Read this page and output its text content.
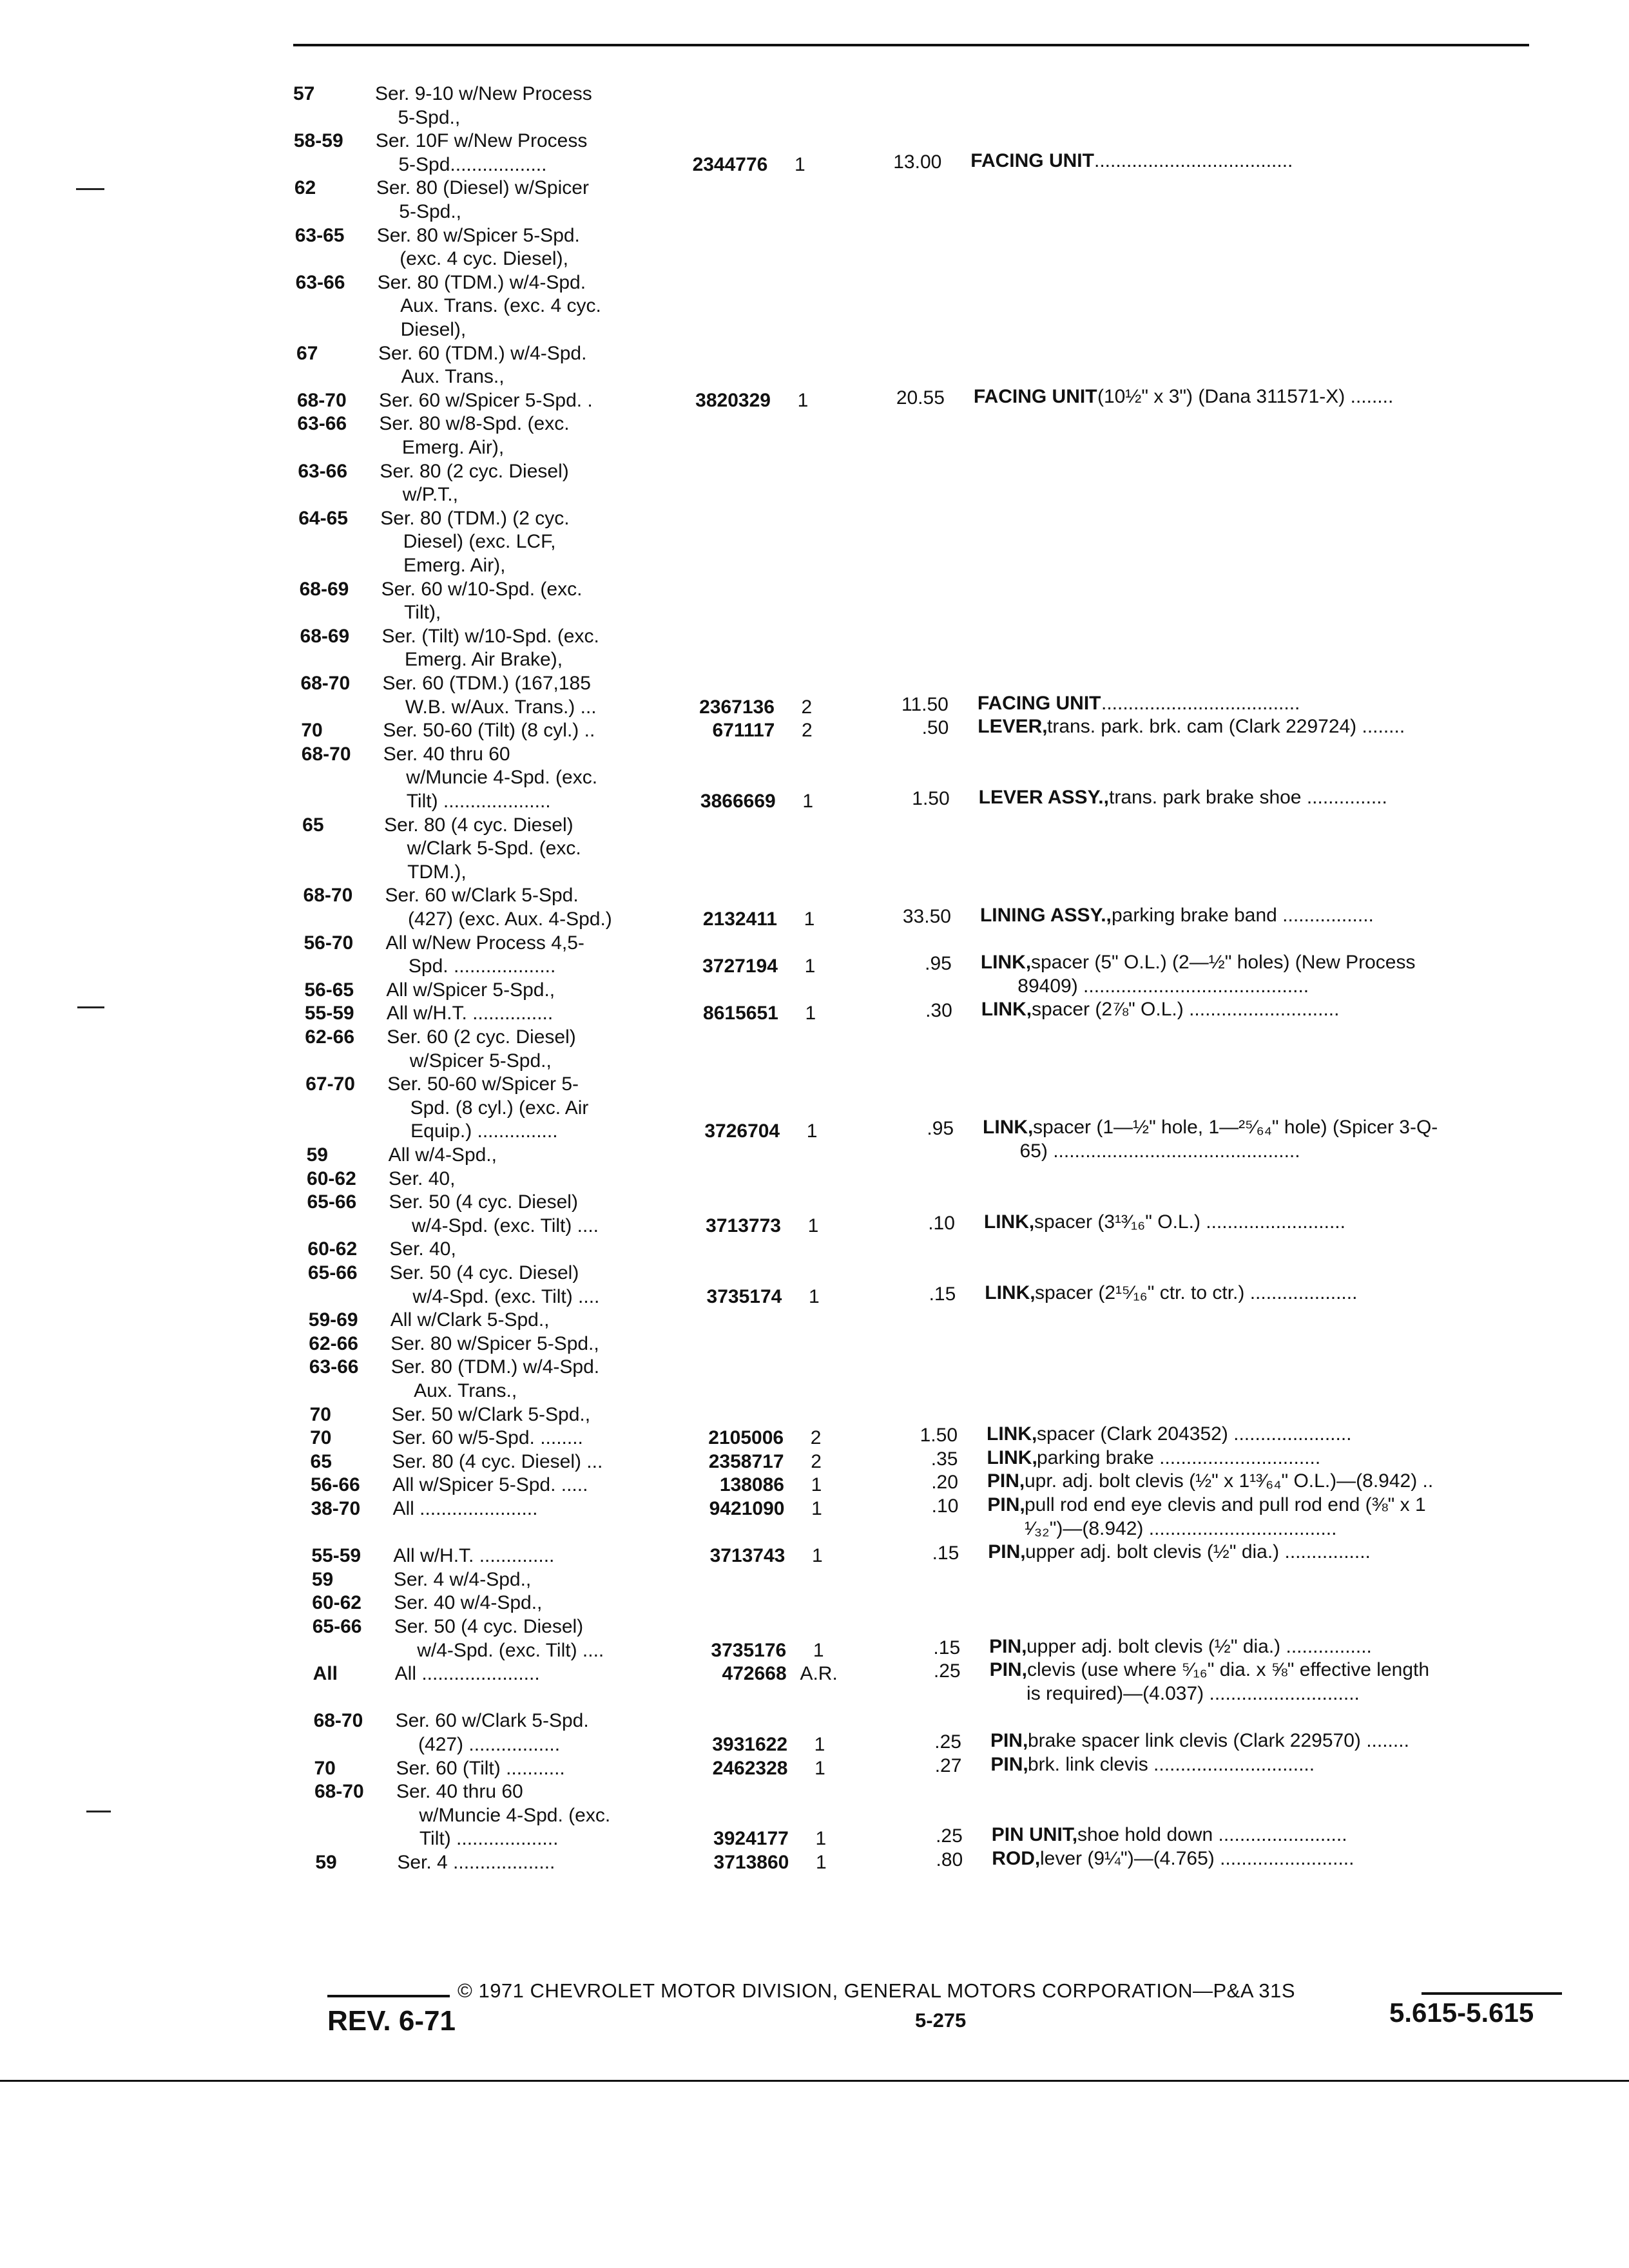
57	Ser. 9-10 w/New Process
5-Spd.,
58-59 Ser. 10F w/New Process
5-Spd..................	2344776	1	13.00 FACING UNIT .....................................
62	Ser. 80 (Diesel) w/Spicer
5-Spd.,
63-65 Ser. 80 w/Spicer 5-Spd.
(exc. 4 cyc. Diesel),
63-66 Ser. 80 (TDM.) w/4-Spd.
Aux. Trans. (exc. 4 cyc.
Diesel),
67	Ser. 60 (TDM.) w/4-Spd.
Aux. Trans.,
68-70 Ser. 60 w/Spicer 5-Spd. .	3820329	1	20.55 FACING UNIT (10½" x 3") (Dana 311571-X) ........
63-66 Ser. 80 w/8-Spd. (exc.
Emerg. Air),
63-66 Ser. 80 (2 cyc. Diesel)
w/P.T.,
64-65 Ser. 80 (TDM.) (2 cyc.
Diesel) (exc. LCF,
Emerg. Air),
68-69 Ser. 60 w/10-Spd. (exc.
Tilt),
68-69 Ser. (Tilt) w/10-Spd. (exc.
Emerg. Air Brake),
68-70 Ser. 60 (TDM.) (167,185
W.B. w/Aux. Trans.) ...	2367136	2	11.50 FACING UNIT .....................................
70	Ser. 50-60 (Tilt) (8 cyl.) ..	671117	2	.50 LEVER, trans. park. brk. cam (Clark 229724) ........
68-70 Ser. 40 thru 60
w/Muncie 4-Spd. (exc.
Tilt) ....................	3866669	1	1.50 LEVER ASSY., trans. park brake shoe ...............
65	Ser. 80 (4 cyc. Diesel)
w/Clark 5-Spd. (exc.
TDM.),
68-70 Ser. 60 w/Clark 5-Spd.
(427) (exc. Aux. 4-Spd.)	2132411	1	33.50 LINING ASSY., parking brake band .................
56-70 All w/New Process 4,5-
Spd. ...................	3727194	1	.95 LINK, spacer (5" O.L.) (2—½" holes) (New Process
89409) ..........................................
56-65 All w/Spicer 5-Spd.,
55-59 All w/H.T. ...............	8615651	1	.30 LINK, spacer (2⅞" O.L.) ............................
62-66 Ser. 60 (2 cyc. Diesel)
w/Spicer 5-Spd.,
67-70 Ser. 50-60 w/Spicer 5-
Spd. (8 cyl.) (exc. Air
Equip.) ...............	3726704	1	.95 LINK, spacer (1—½" hole, 1—²⁵⁄₆₄" hole) (Spicer 3-Q-
65) ..............................................
59	All w/4-Spd.,
60-62 Ser. 40,
65-66 Ser. 50 (4 cyc. Diesel)
w/4-Spd. (exc. Tilt) ....	3713773	1	.10 LINK, spacer (3¹³⁄₁₆" O.L.) ..........................
60-62 Ser. 40,
65-66 Ser. 50 (4 cyc. Diesel)
w/4-Spd. (exc. Tilt) ....	3735174	1	.15 LINK, spacer (2¹⁵⁄₁₆" ctr. to ctr.) ....................
59-69 All w/Clark 5-Spd.,
62-66 Ser. 80 w/Spicer 5-Spd.,
63-66 Ser. 80 (TDM.) w/4-Spd.
Aux. Trans.,
70	Ser. 50 w/Clark 5-Spd.,
70	Ser. 60 w/5-Spd. ........	2105006	2	1.50 LINK, spacer (Clark 204352) ......................
65	Ser. 80 (4 cyc. Diesel) ...	2358717	2	.35 LINK, parking brake ..............................
56-66 All w/Spicer 5-Spd. .....	138086	1	.20 PIN, upr. adj. bolt clevis (½" x 1¹³⁄₆₄" O.L.)—(8.942) ..
38-70 All ......................	9421090	1	.10 PIN, pull rod end eye clevis and pull rod end (⅜" x 1
¹⁄₃₂")—(8.942) ...................................
55-59 All w/H.T. ..............	3713743	1	.15 PIN, upper adj. bolt clevis (½" dia.) ................
59	Ser. 4 w/4-Spd.,
60-62 Ser. 40 w/4-Spd.,
65-66 Ser. 50 (4 cyc. Diesel)
w/4-Spd. (exc. Tilt) ....	3735176	1	.15 PIN, upper adj. bolt clevis (½" dia.) ................
All	All ......................	472668 A.R.	.25 PIN, clevis (use where ⁵⁄₁₆" dia. x ⅝" effective length
is required)—(4.037) ............................
68-70 Ser. 60 w/Clark 5-Spd.
(427) .................	3931622	1	.25 PIN, brake spacer link clevis (Clark 229570) ........
70	Ser. 60 (Tilt) ...........	2462328	1	.27 PIN, brk. link clevis ..............................
68-70 Ser. 40 thru 60
w/Muncie 4-Spd. (exc.
Tilt) ...................	3924177	1	.25 PIN UNIT, shoe hold down ........................
59	Ser. 4 ...................	3713860	1	.80 ROD, lever (9¼")—(4.765) .........................
© 1971 CHEVROLET MOTOR DIVISION, GENERAL MOTORS CORPORATION—P&A 31S
REV. 6-71	5-275	5.615-5.615
